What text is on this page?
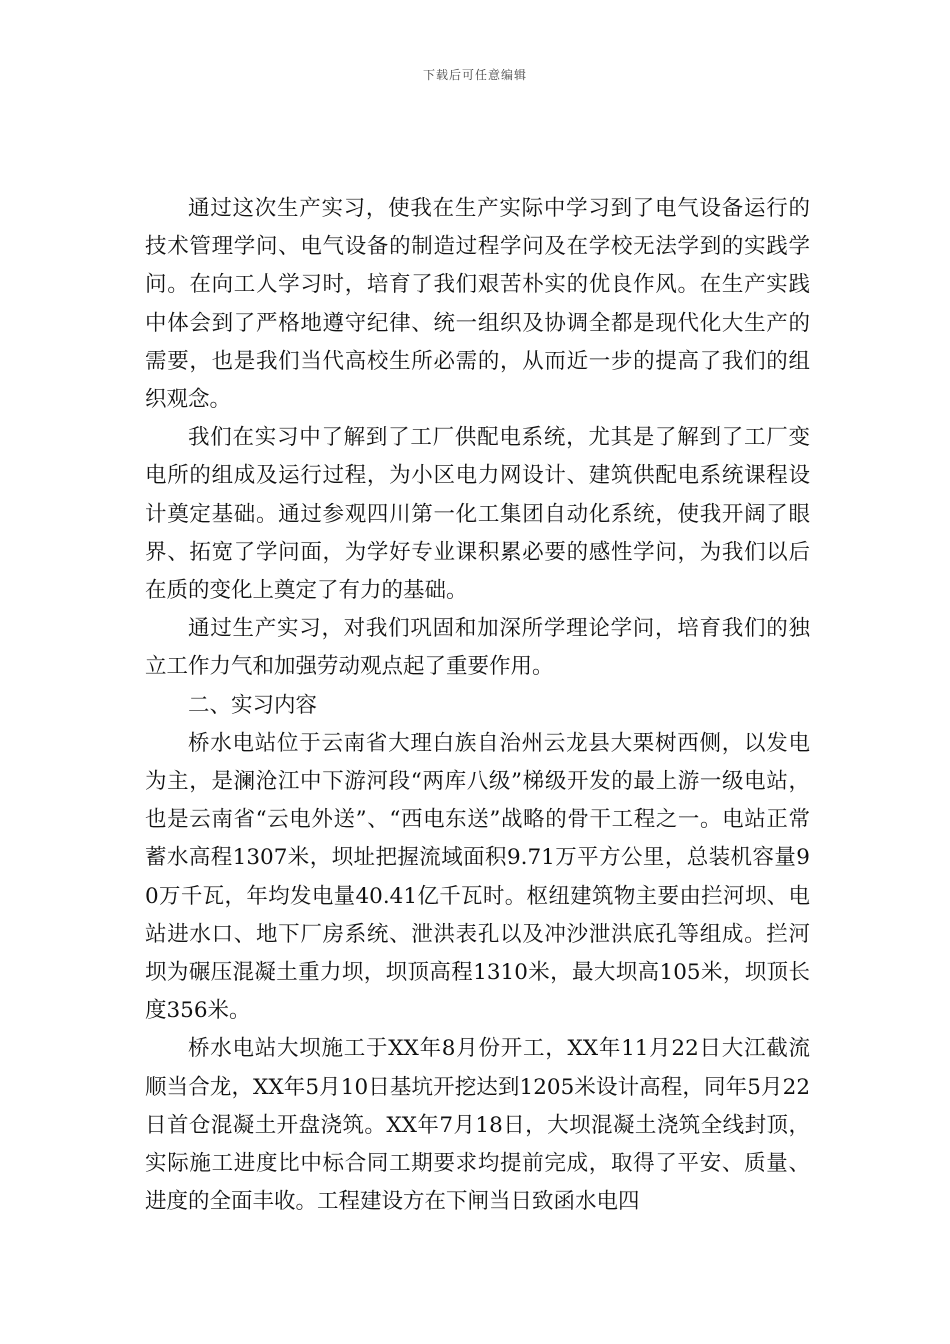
下载后可任意编辑

通过这次生产实习，使我在生产实际中学习到了电气设备运行的技术管理学问、电气设备的制造过程学问及在学校无法学到的实践学问。在向工人学习时，培育了我们艰苦朴实的优良作风。在生产实践中体会到了严格地遵守纪律、统一组织及协调全都是现代化大生产的需要，也是我们当代高校生所必需的，从而近一步的提高了我们的组织观念。

我们在实习中了解到了工厂供配电系统，尤其是了解到了工厂变电所的组成及运行过程，为小区电力网设计、建筑供配电系统课程设计奠定基础。通过参观四川第一化工集团自动化系统，使我开阔了眼界、拓宽了学问面，为学好专业课积累必要的感性学问，为我们以后在质的变化上奠定了有力的基础。

通过生产实习，对我们巩固和加深所学理论学问，培育我们的独立工作力气和加强劳动观点起了重要作用。

二、实习内容

桥水电站位于云南省大理白族自治州云龙县大栗树西侧，以发电为主，是澜沧江中下游河段“两库八级”梯级开发的最上游一级电站，也是云南省“云电外送”、“西电东送”战略的骨干工程之一。电站正常蓄水高程1307米，坝址把握流域面积9.71万平方公里，总装机容量90万千瓦，年均发电量40.41亿千瓦时。枢纽建筑物主要由拦河坝、电站进水口、地下厂房系统、泄洪表孔以及冲沙泄洪底孔等组成。拦河坝为碾压混凝土重力坝，坝顶高程1310米，最大坝高105米，坝顶长度356米。

桥水电站大坝施工于XX年8月份开工，XX年11月22日大江截流顺当合龙，XX年5月10日基坑开挖达到1205米设计高程，同年5月22日首仓混凝土开盘浇筑。XX年7月18日，大坝混凝土浇筑全线封顶，实际施工进度比中标合同工期要求均提前完成，取得了平安、质量、进度的全面丰收。工程建设方在下闸当日致函水电四
